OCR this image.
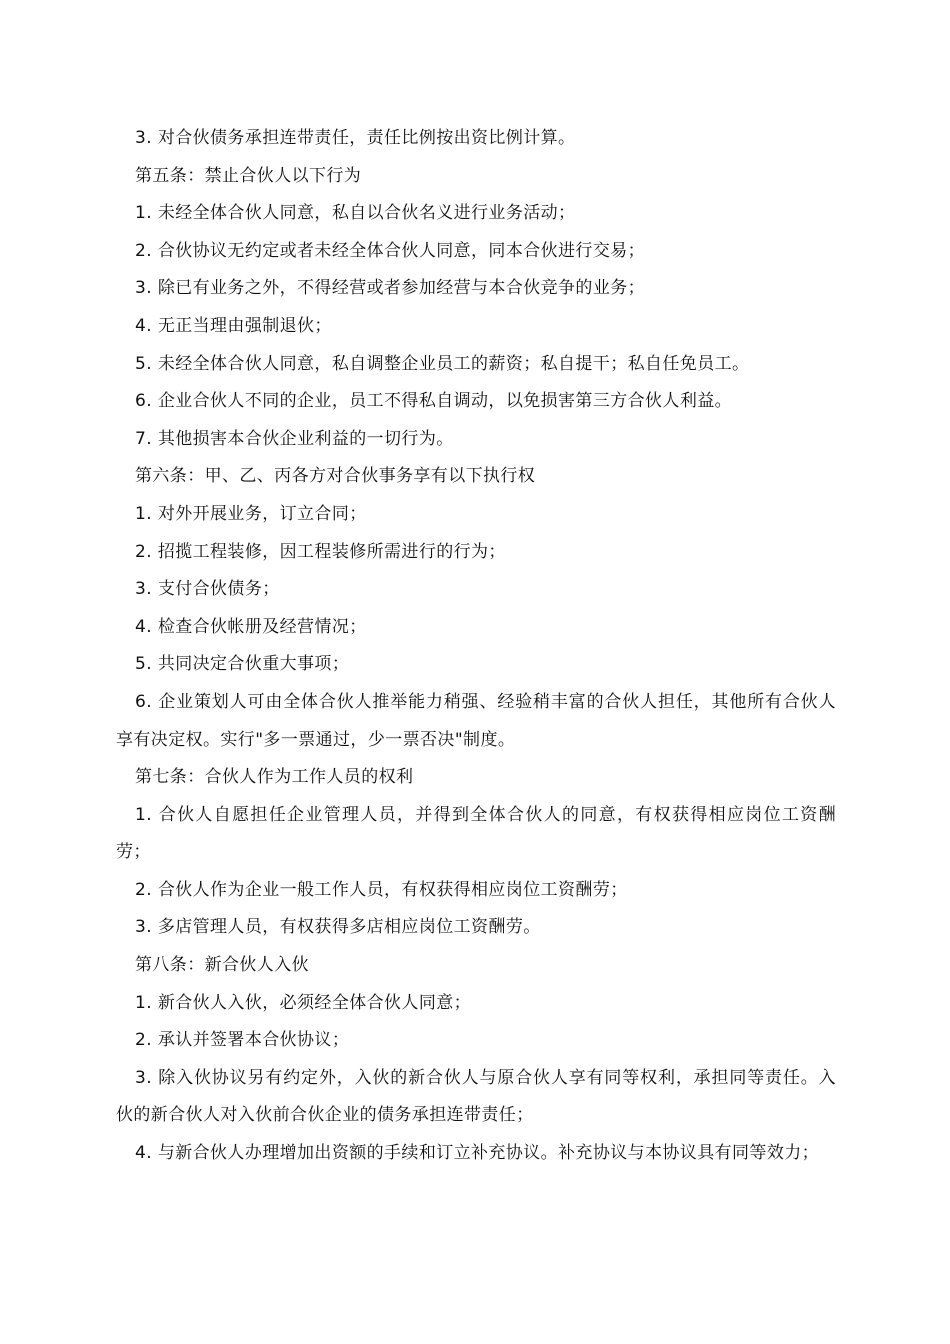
3. 对合伙债务承担连带责任，责任比例按出资比例计算。

第五条：禁止合伙人以下行为

1. 未经全体合伙人同意，私自以合伙名义进行业务活动；

2. 合伙协议无约定或者未经全体合伙人同意，同本合伙进行交易；

3. 除已有业务之外，不得经营或者参加经营与本合伙竞争的业务；

4. 无正当理由强制退伙；

5. 未经全体合伙人同意，私自调整企业员工的薪资；私自提干；私自任免员工。

6. 企业合伙人不同的企业，员工不得私自调动，以免损害第三方合伙人利益。

7. 其他损害本合伙企业利益的一切行为。

第六条：甲、乙、丙各方对合伙事务享有以下执行权

1. 对外开展业务，订立合同；

2. 招揽工程装修，因工程装修所需进行的行为；

3. 支付合伙债务；

4. 检查合伙帐册及经营情况；

5. 共同决定合伙重大事项；

6. 企业策划人可由全体合伙人推举能力稍强、经验稍丰富的合伙人担任，其他所有合伙人享有决定权。实行"多一票通过，少一票否决"制度。

第七条：合伙人作为工作人员的权利

1. 合伙人自愿担任企业管理人员，并得到全体合伙人的同意，有权获得相应岗位工资酬劳；

2. 合伙人作为企业一般工作人员，有权获得相应岗位工资酬劳；

3. 多店管理人员，有权获得多店相应岗位工资酬劳。

第八条：新合伙人入伙

1. 新合伙人入伙，必须经全体合伙人同意；

2. 承认并签署本合伙协议；

3. 除入伙协议另有约定外，入伙的新合伙人与原合伙人享有同等权利，承担同等责任。入伙的新合伙人对入伙前合伙企业的债务承担连带责任；

4. 与新合伙人办理增加出资额的手续和订立补充协议。补充协议与本协议具有同等效力；
